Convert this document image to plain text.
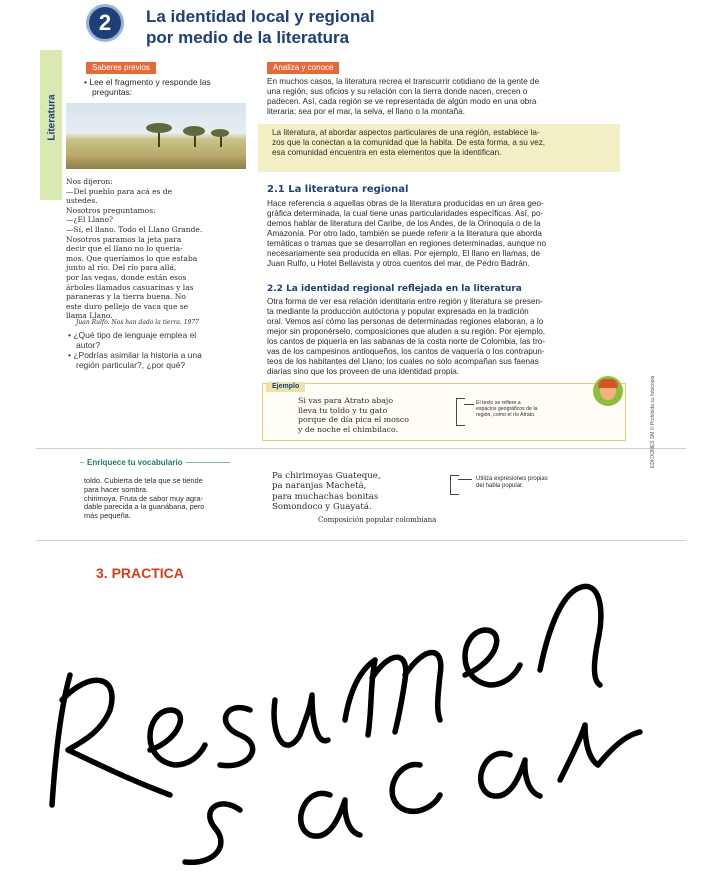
2	La identidad local y regional
por medio de la literatura
Literatura
EDICIONES SM © Prohibida su fotocopia
Saberes previos
• Lee el fragmento y responde las
preguntas:
Nos dijeron:
—Del pueblo para acá es de
ustedes.
Nosotros preguntamos:
—¿El Llano?
—Sí, el llano. Todo el Llano Grande.
Nosotros paramos la jeta para
decir que el llano no lo queria-
mos. Que queríamos lo que estaba
junto al río. Del río para allá,
por las vegas, donde están esos
árboles llamados casuarinas y las
paraneras y la tierra buena. No
este duro pellejo de vaca que se
llama Llano.
Juan Rulfo. Nos han dado la tierra. 1977
• ¿Qué tipo de lenguaje emplea el
autor?
• ¿Podrías asimilar la historia a una
región particular?, ¿por qué?
Analiza y conoce
En muchos casos, la literatura recrea el transcurrir cotidiano de la gente de
una región, sus oficios y su relación con la tierra donde nacen, crecen o
padecen. Así, cada región se ve representada de algún modo en una obra
literaria; sea por el mar, la selva, el llano o la montaña.
La literatura, al abordar aspectos particulares de una región, establece la-
zos que la conectan a la comunidad que la habita. De esta forma, a su vez,
esa comunidad encuentra en esta elementos que la identifican.
2.1 La literatura regional
Hace referencia a aquellas obras de la literatura producidas en un área geo-
gráfica determinada, la cual tiene unas particularidades específicas. Así, po-
demos hablar de literatura del Caribe, de los Andes, de la Orinoquía o de la
Amazonía. Por otro lado, también se puede referir a la literatura que aborda
temáticas o tramas que se desarrollan en regiones determinadas, aunque no
necesariamente sea producida en ellas. Por ejemplo, El llano en llamas, de
Juan Rulfo, u Hotel Bellavista y otros cuentos del mar, de Pedro Badrán.
2.2 La identidad regional reflejada en la literatura
Otra forma de ver esa relación identitaria entre región y literatura se presen-
ta mediante la producción autóctona y popular expresada en la tradición
oral. Vemos así cómo las personas de determinadas regiones elaboran, a lo
mejor sin proponérselo, composiciones que aluden a su región. Por ejemplo,
los cantos de piquería en las sabanas de la costa norte de Colombia, las tro-
vas de los campesinos antioqueños, los cantos de vaquería o los contrapun-
teos de los habitantes del Llano; los cuales no solo acompañan sus faenas
diarias sino que los proveen de una identidad propia.
Ejemplo
Si vas para Atrato abajo
lleva tu toldo y tu gato
porque de día pica el mosco
y de noche el chimbilaco.
El texto se refiere a
espacios geográficos de la
región, como el río Atrato.
Enriquece tu vocabulario
toldo. Cubierta de tela que se tiende
para hacer sombra.
chirimoya. Fruta de sabor muy agra-
dable parecida a la guanábana, pero
más pequeña.
Pa chirimoyas Guateque,
pa naranjas Machetá,
para muchachas bonitas
Somondoco y Guayatá.
Composición popular colombiana
Utiliza expresiones propias
del habla popular.
3. PRACTICA
